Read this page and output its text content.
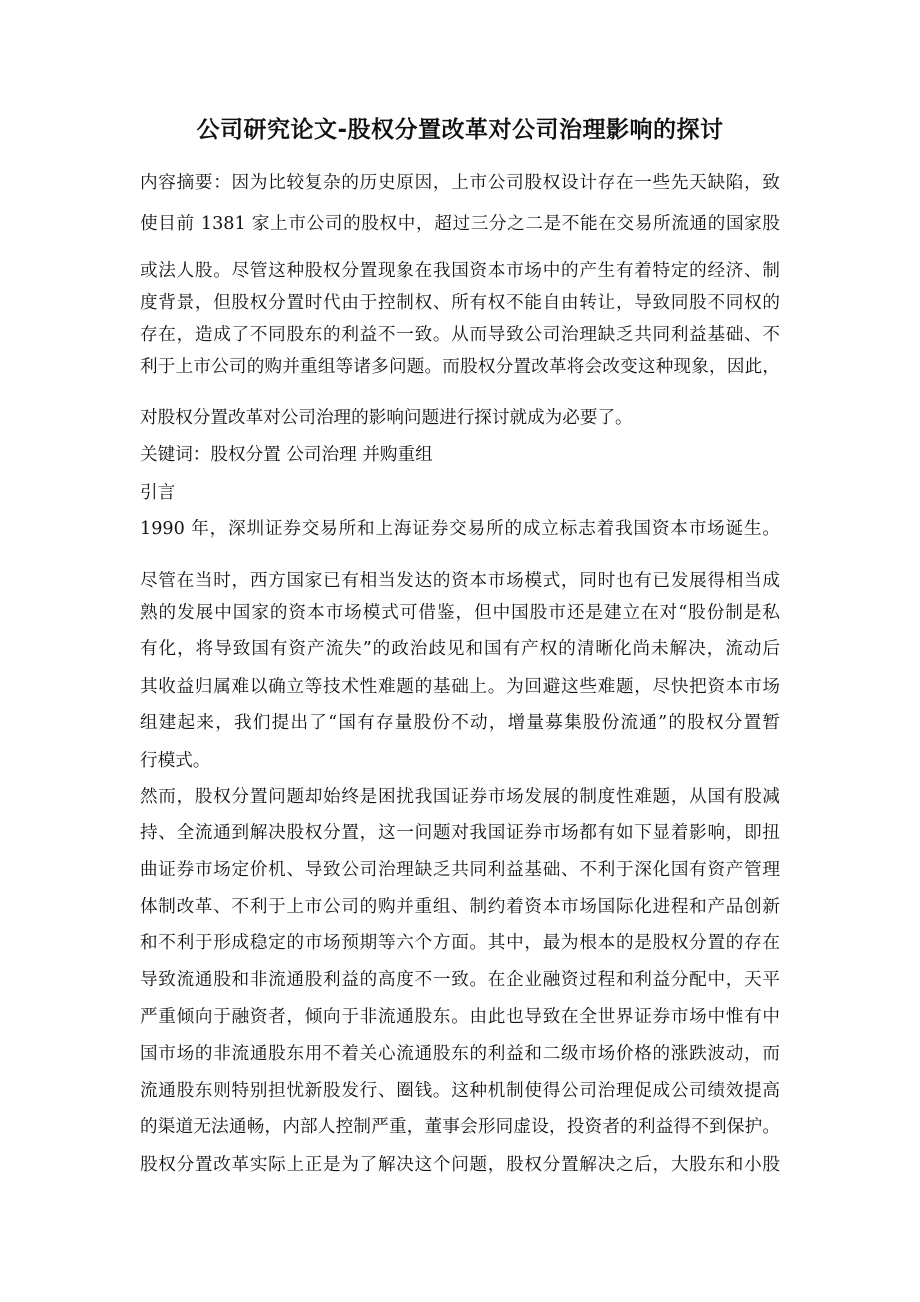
公司研究论文-股权分置改革对公司治理影响的探讨
内容摘要：因为比较复杂的历史原因，上市公司股权设计存在一些先天缺陷，致
使目前 1381 家上市公司的股权中，超过三分之二是不能在交易所流通的国家股
或法人股。尽管这种股权分置现象在我国资本市场中的产生有着特定的经济、制
度背景，但股权分置时代由于控制权、所有权不能自由转让，导致同股不同权的
存在，造成了不同股东的利益不一致。从而导致公司治理缺乏共同利益基础、不
利于上市公司的购并重组等诸多问题。而股权分置改革将会改变这种现象，因此，
对股权分置改革对公司治理的影响问题进行探讨就成为必要了。
关键词：股权分置 公司治理 并购重组
引言
1990 年，深圳证券交易所和上海证券交易所的成立标志着我国资本市场诞生。
尽管在当时，西方国家已有相当发达的资本市场模式，同时也有已发展得相当成
熟的发展中国家的资本市场模式可借鉴，但中国股市还是建立在对“股份制是私
有化，将导致国有资产流失”的政治歧见和国有产权的清晰化尚未解决，流动后
其收益归属难以确立等技术性难题的基础上。为回避这些难题，尽快把资本市场
组建起来，我们提出了“国有存量股份不动，增量募集股份流通”的股权分置暂
行模式。
然而，股权分置问题却始终是困扰我国证券市场发展的制度性难题，从国有股减
持、全流通到解决股权分置，这一问题对我国证券市场都有如下显着影响，即扭
曲证券市场定价机、导致公司治理缺乏共同利益基础、不利于深化国有资产管理
体制改革、不利于上市公司的购并重组、制约着资本市场国际化进程和产品创新
和不利于形成稳定的市场预期等六个方面。其中，最为根本的是股权分置的存在
导致流通股和非流通股利益的高度不一致。在企业融资过程和利益分配中，天平
严重倾向于融资者，倾向于非流通股东。由此也导致在全世界证券市场中惟有中
国市场的非流通股东用不着关心流通股东的利益和二级市场价格的涨跌波动，而
流通股东则特别担忧新股发行、圈钱。这种机制使得公司治理促成公司绩效提高
的渠道无法通畅，内部人控制严重，董事会形同虚设，投资者的利益得不到保护。
股权分置改革实际上正是为了解决这个问题，股权分置解决之后，大股东和小股
